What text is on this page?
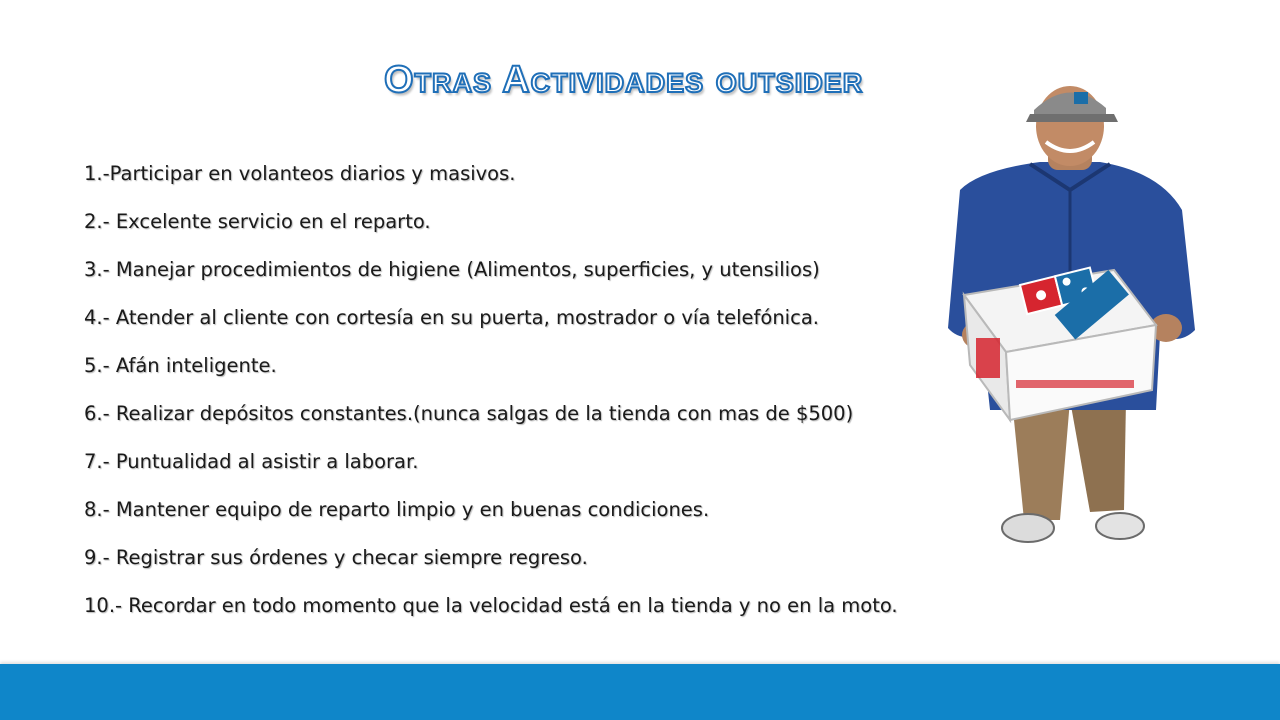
Otras Actividades outsider
1.-Participar en volanteos diarios y masivos.
2.- Excelente servicio en el reparto.
3.- Manejar procedimientos de higiene (Alimentos, superficies, y utensilios)
4.- Atender al cliente con cortesía en su puerta, mostrador o vía telefónica.
5.- Afán inteligente.
6.- Realizar depósitos constantes.(nunca salgas de la tienda con mas de $500)
7.- Puntualidad al asistir a laborar.
8.- Mantener equipo de reparto limpio y en buenas condiciones.
9.- Registrar sus órdenes y checar siempre regreso.
10.- Recordar en todo momento que la velocidad está en la tienda y no en la moto.
